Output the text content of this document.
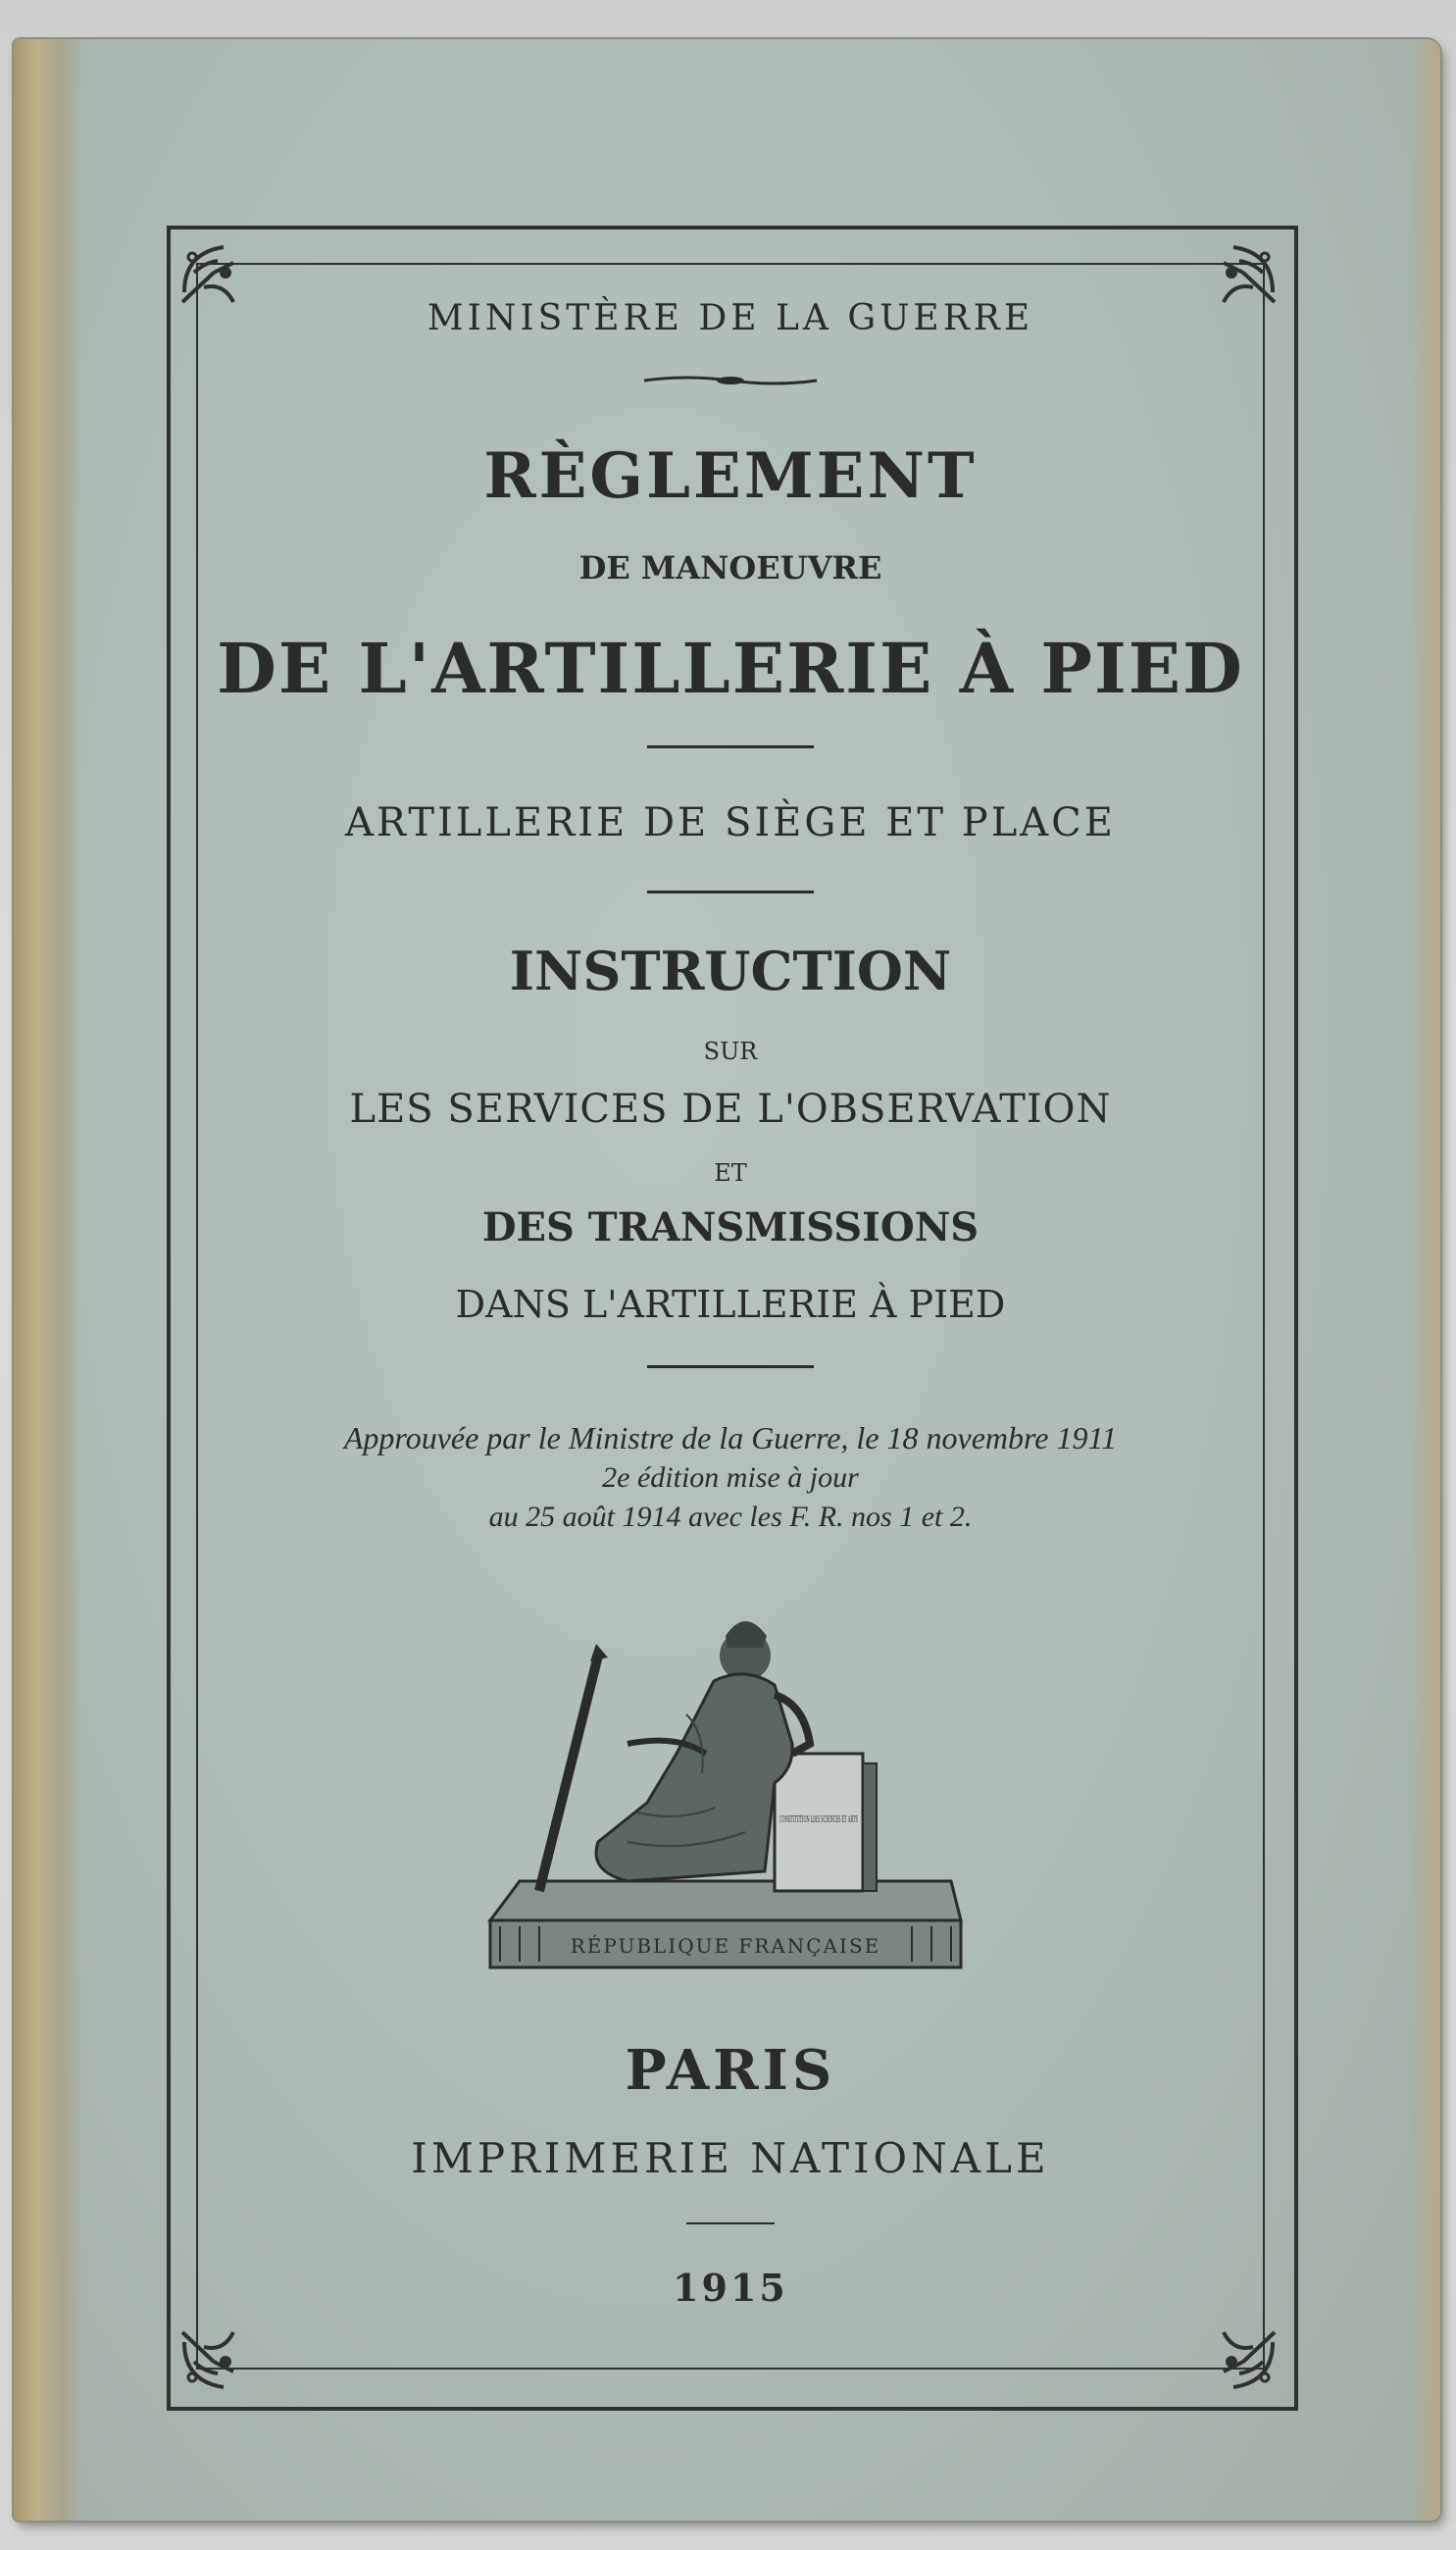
MINISTÈRE DE LA GUERRE
RÈGLEMENT
DE MANOEUVRE
DE L'ARTILLERIE À PIED
ARTILLERIE DE SIÈGE ET PLACE
INSTRUCTION
SUR
LES SERVICES DE L'OBSERVATION
ET
DES TRANSMISSIONS
DANS L'ARTILLERIE À PIED
Approuvée par le Ministre de la Guerre, le 18 novembre 1911
2e édition mise à jour
au 25 août 1914 avec les F. R. nos 1 et 2.
RÉPUBLIQUE FRANÇAISE
CONSTITUTION LOIS SCIENCES ET ARTS
PARIS
IMPRIMERIE NATIONALE
1915
